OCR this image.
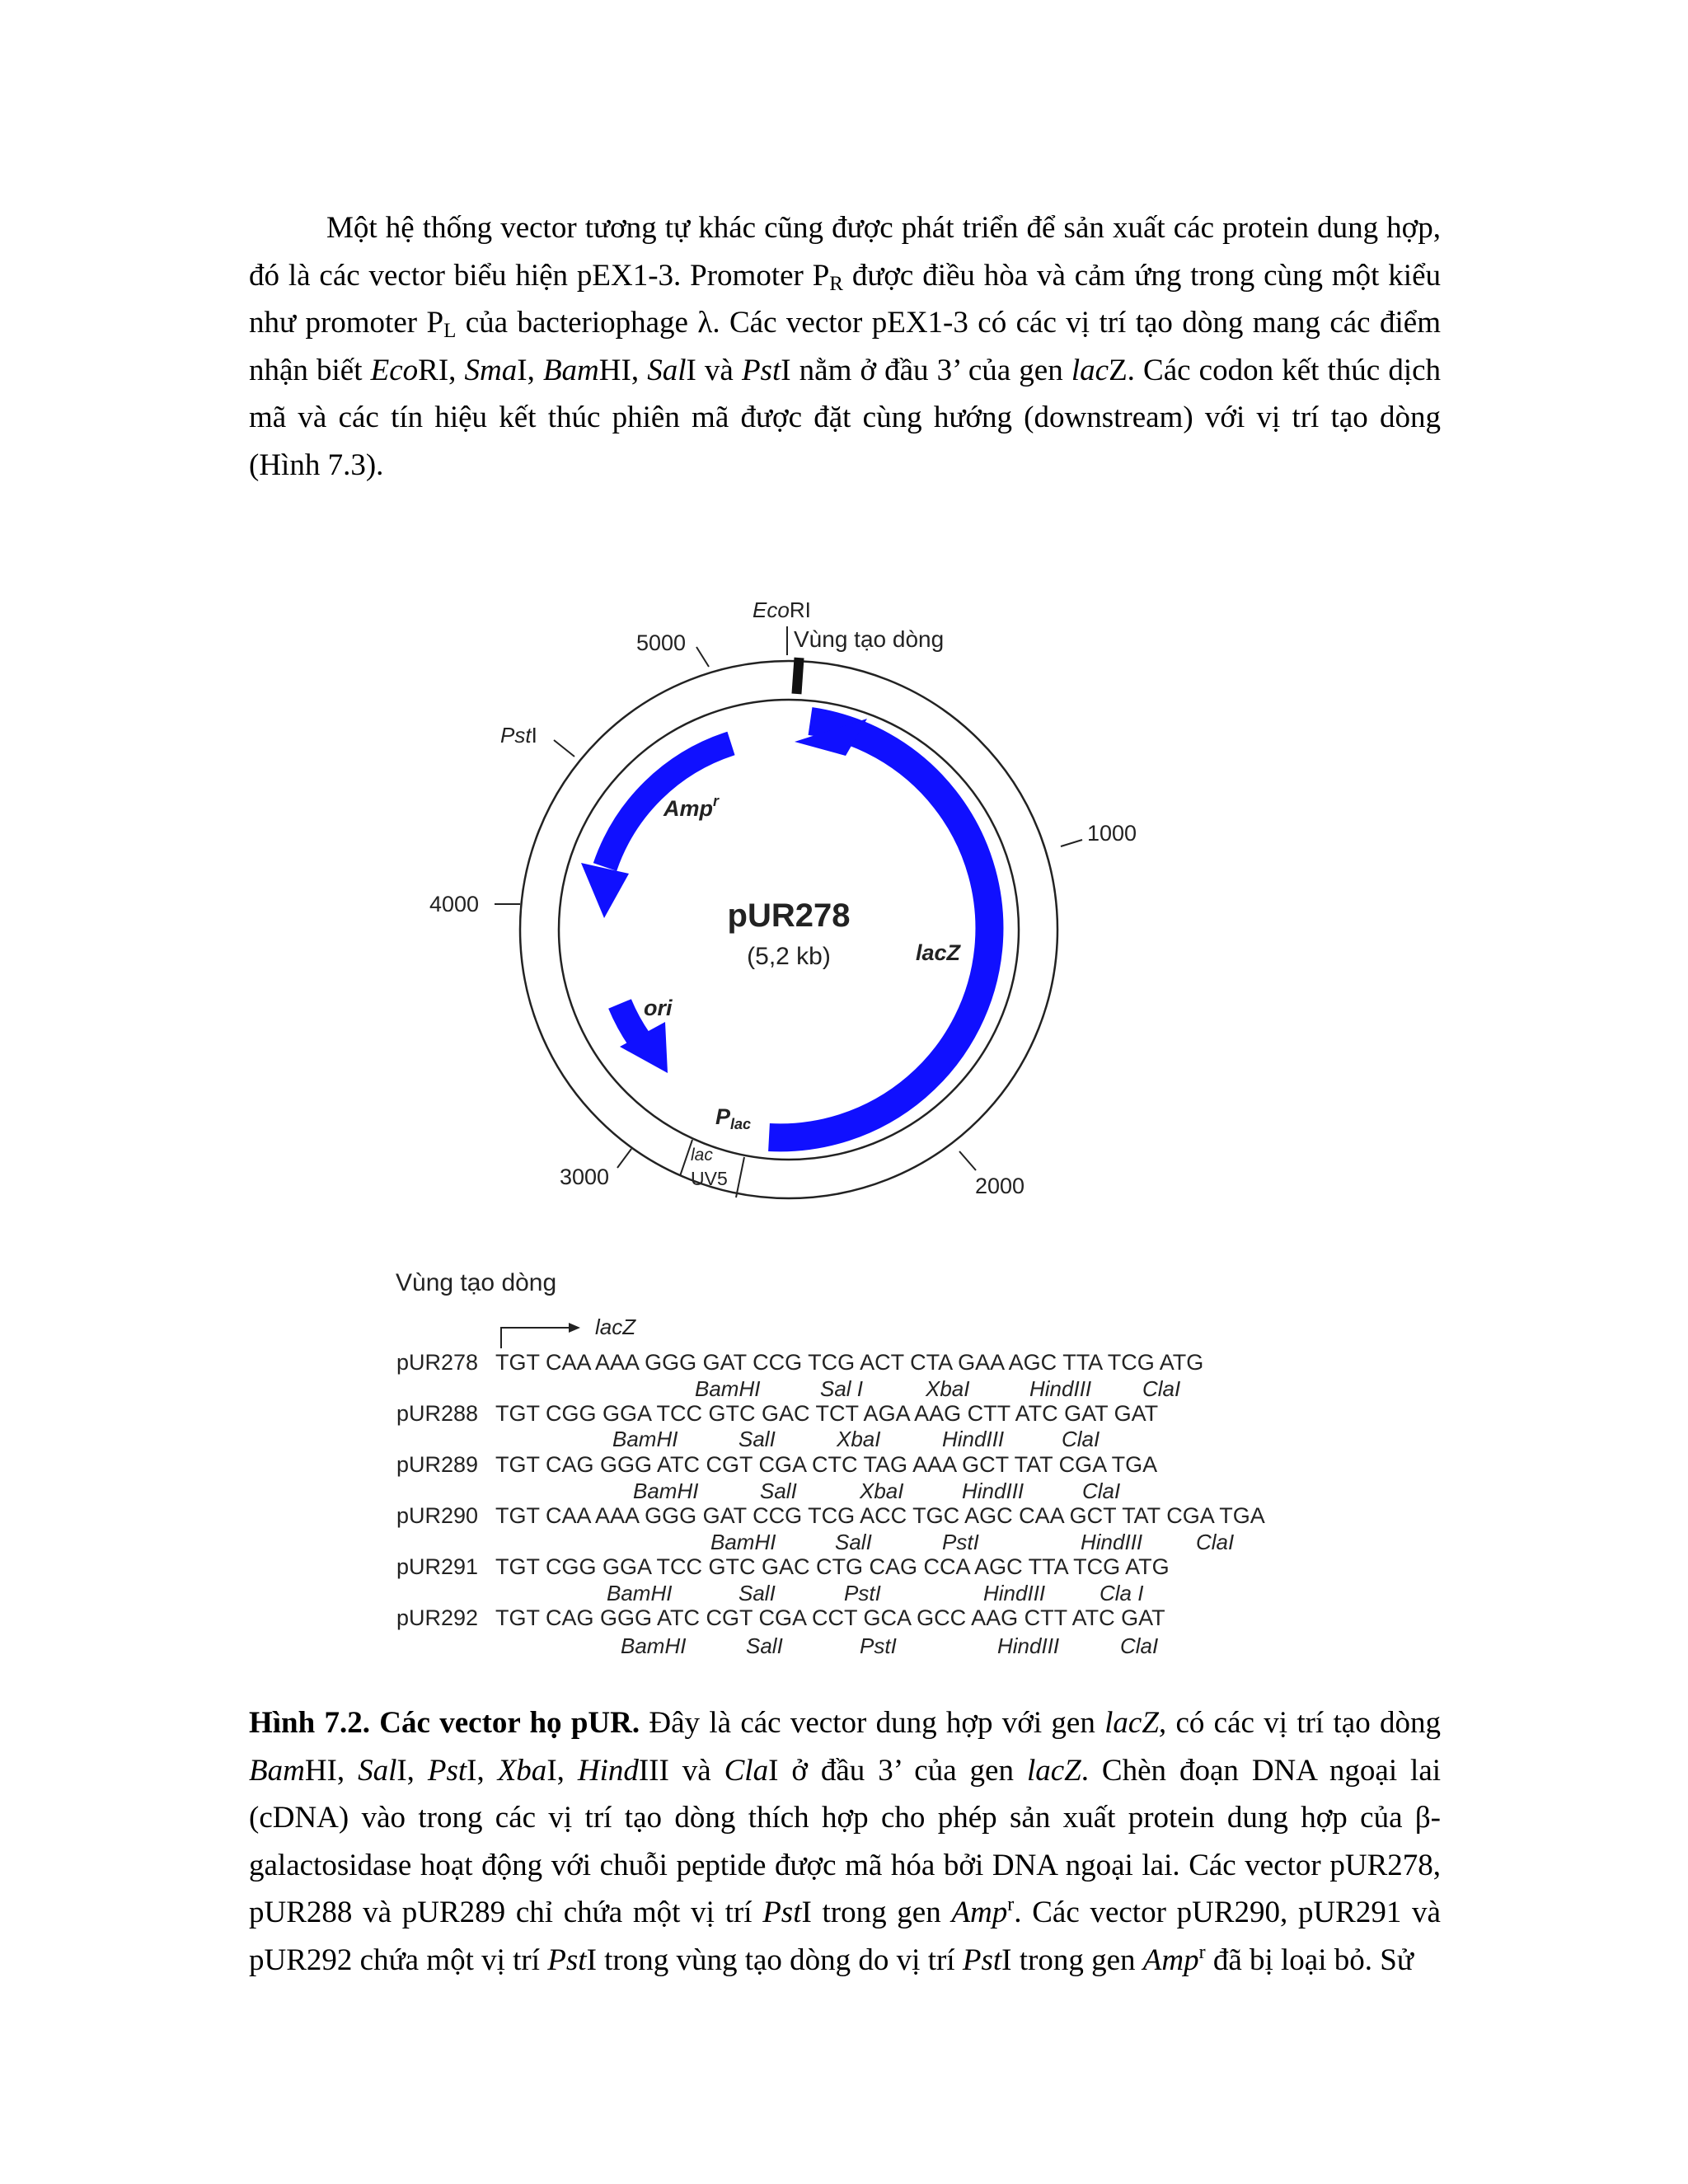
Một hệ thống vector tương tự khác cũng được phát triển để sản xuất các protein dung hợp, đó là các vector biểu hiện pEX1-3. Promoter $P_R$ được điều hòa và cảm ứng trong cùng một kiểu như promoter $P_L$ của bacteriophage λ. Các vector pEX1-3 có các vị trí tạo dòng mang các điểm nhận biết EcoRI, SmaI, BamHI, SalI và PstI nằm ở đầu 3’ của gen lacZ. Các codon kết thúc dịch mã và các tín hiệu kết thúc phiên mã được đặt cùng hướng (downstream) với vị trí tạo dòng (Hình 7.3).

EcoRI
Vùng tạo dòng
5000
PstI
1000
4000
3000	2000
Amp$^r$
pUR278
(5,2 kb)	lacZ
ori
$P_{lac}$
lac
UV5
Vùng tạo dòng
lacZ
pUR278 TGT CAA AAA GGG GAT CCG TCG ACT CTA GAA AGC TTA TCG ATG
BamHI	Sal I	XbaI	HindIII ClaI
pUR288 TGT CGG GGA TCC GTC GAC TCT AGA AAG CTT ATC GAT GAT
BamHI	SalI	XbaI	HindIII	ClaI
pUR289 TGT CAG GGG ATC CGT CGA CTC TAG AAA GCT TAT CGA TGA
BamHI	SalI	XbaI	HindIII	ClaI
pUR290 TGT CAA AAA GGG GAT CCG TCG ACC TGC AGC CAA GCT TAT CGA TGA
BamHI	SalI	PstI	HindIII ClaI
pUR291 TGT CGG GGA TCC GTC GAC CTG CAG CCA AGC TTA TCG ATG
BamHI	SalI	PstI	HindIII	Cla I
pUR292 TGT CAG GGG ATC CGT CGA CCT GCA GCC AAG CTT ATC GAT
BamHI	SalI	PstI	HindIII	ClaI

Hình 7.2. Các vector họ pUR. Đây là các vector dung hợp với gen lacZ, có các vị trí tạo dòng BamHI, SalI, PstI, XbaI, HindIII và ClaI ở đầu 3’ của gen lacZ. Chèn đoạn DNA ngoại lai (cDNA) vào trong các vị trí tạo dòng thích hợp cho phép sản xuất protein dung hợp của β-galactosidase hoạt động với chuỗi peptide được mã hóa bởi DNA ngoại lai. Các vector pUR278, pUR288 và pUR289 chỉ chứa một vị trí PstI trong gen Amp$^r$. Các vector pUR290, pUR291 và pUR292 chứa một vị trí PstI trong vùng tạo dòng do vị trí PstI trong gen Amp$^r$ đã bị loại bỏ. Sử
